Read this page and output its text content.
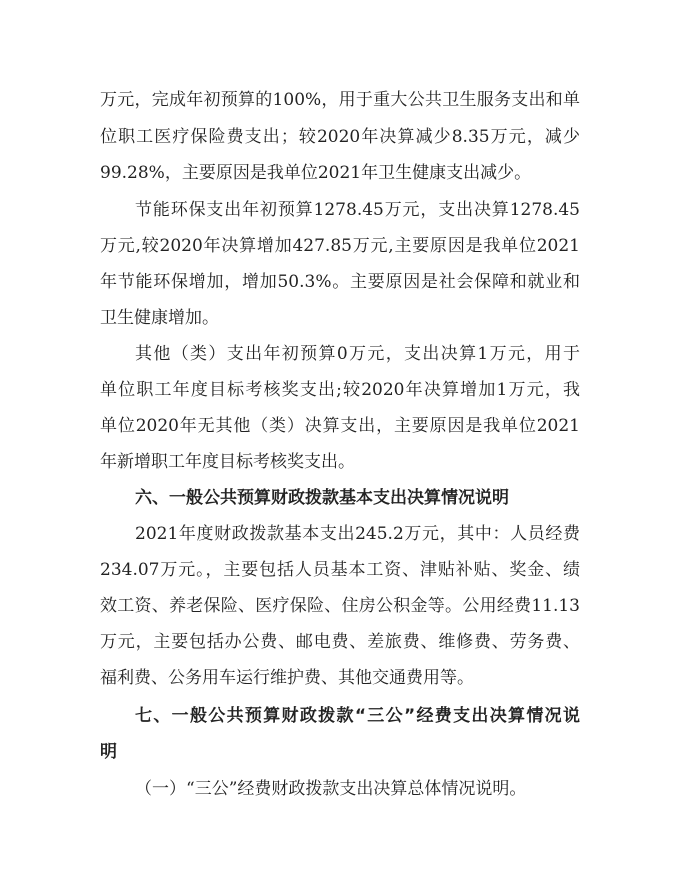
万元，完成年初预算的100%，用于重大公共卫生服务支出和单
位职工医疗保险费支出；较2020年决算减少8.35万元，减少
99.28%，主要原因是我单位2021年卫生健康支出减少。
节能环保支出年初预算1278.45万元，支出决算1278.45
万元,较2020年决算增加427.85万元,主要原因是我单位2021
年节能环保增加，增加50.3%。主要原因是社会保障和就业和
卫生健康增加。
其他（类）支出年初预算0万元，支出决算1万元，用于
单位职工年度目标考核奖支出;较2020年决算增加1万元，我
单位2020年无其他（类）决算支出，主要原因是我单位2021
年新增职工年度目标考核奖支出。
六、一般公共预算财政拨款基本支出决算情况说明
2021年度财政拨款基本支出245.2万元，其中：人员经费
234.07万元。，主要包括人员基本工资、津贴补贴、奖金、绩
效工资、养老保险、医疗保险、住房公积金等。公用经费11.13
万元，主要包括办公费、邮电费、差旅费、维修费、劳务费、
福利费、公务用车运行维护费、其他交通费用等。
七、一般公共预算财政拨款“三公”经费支出决算情况说
明
（一）“三公”经费财政拨款支出决算总体情况说明。
